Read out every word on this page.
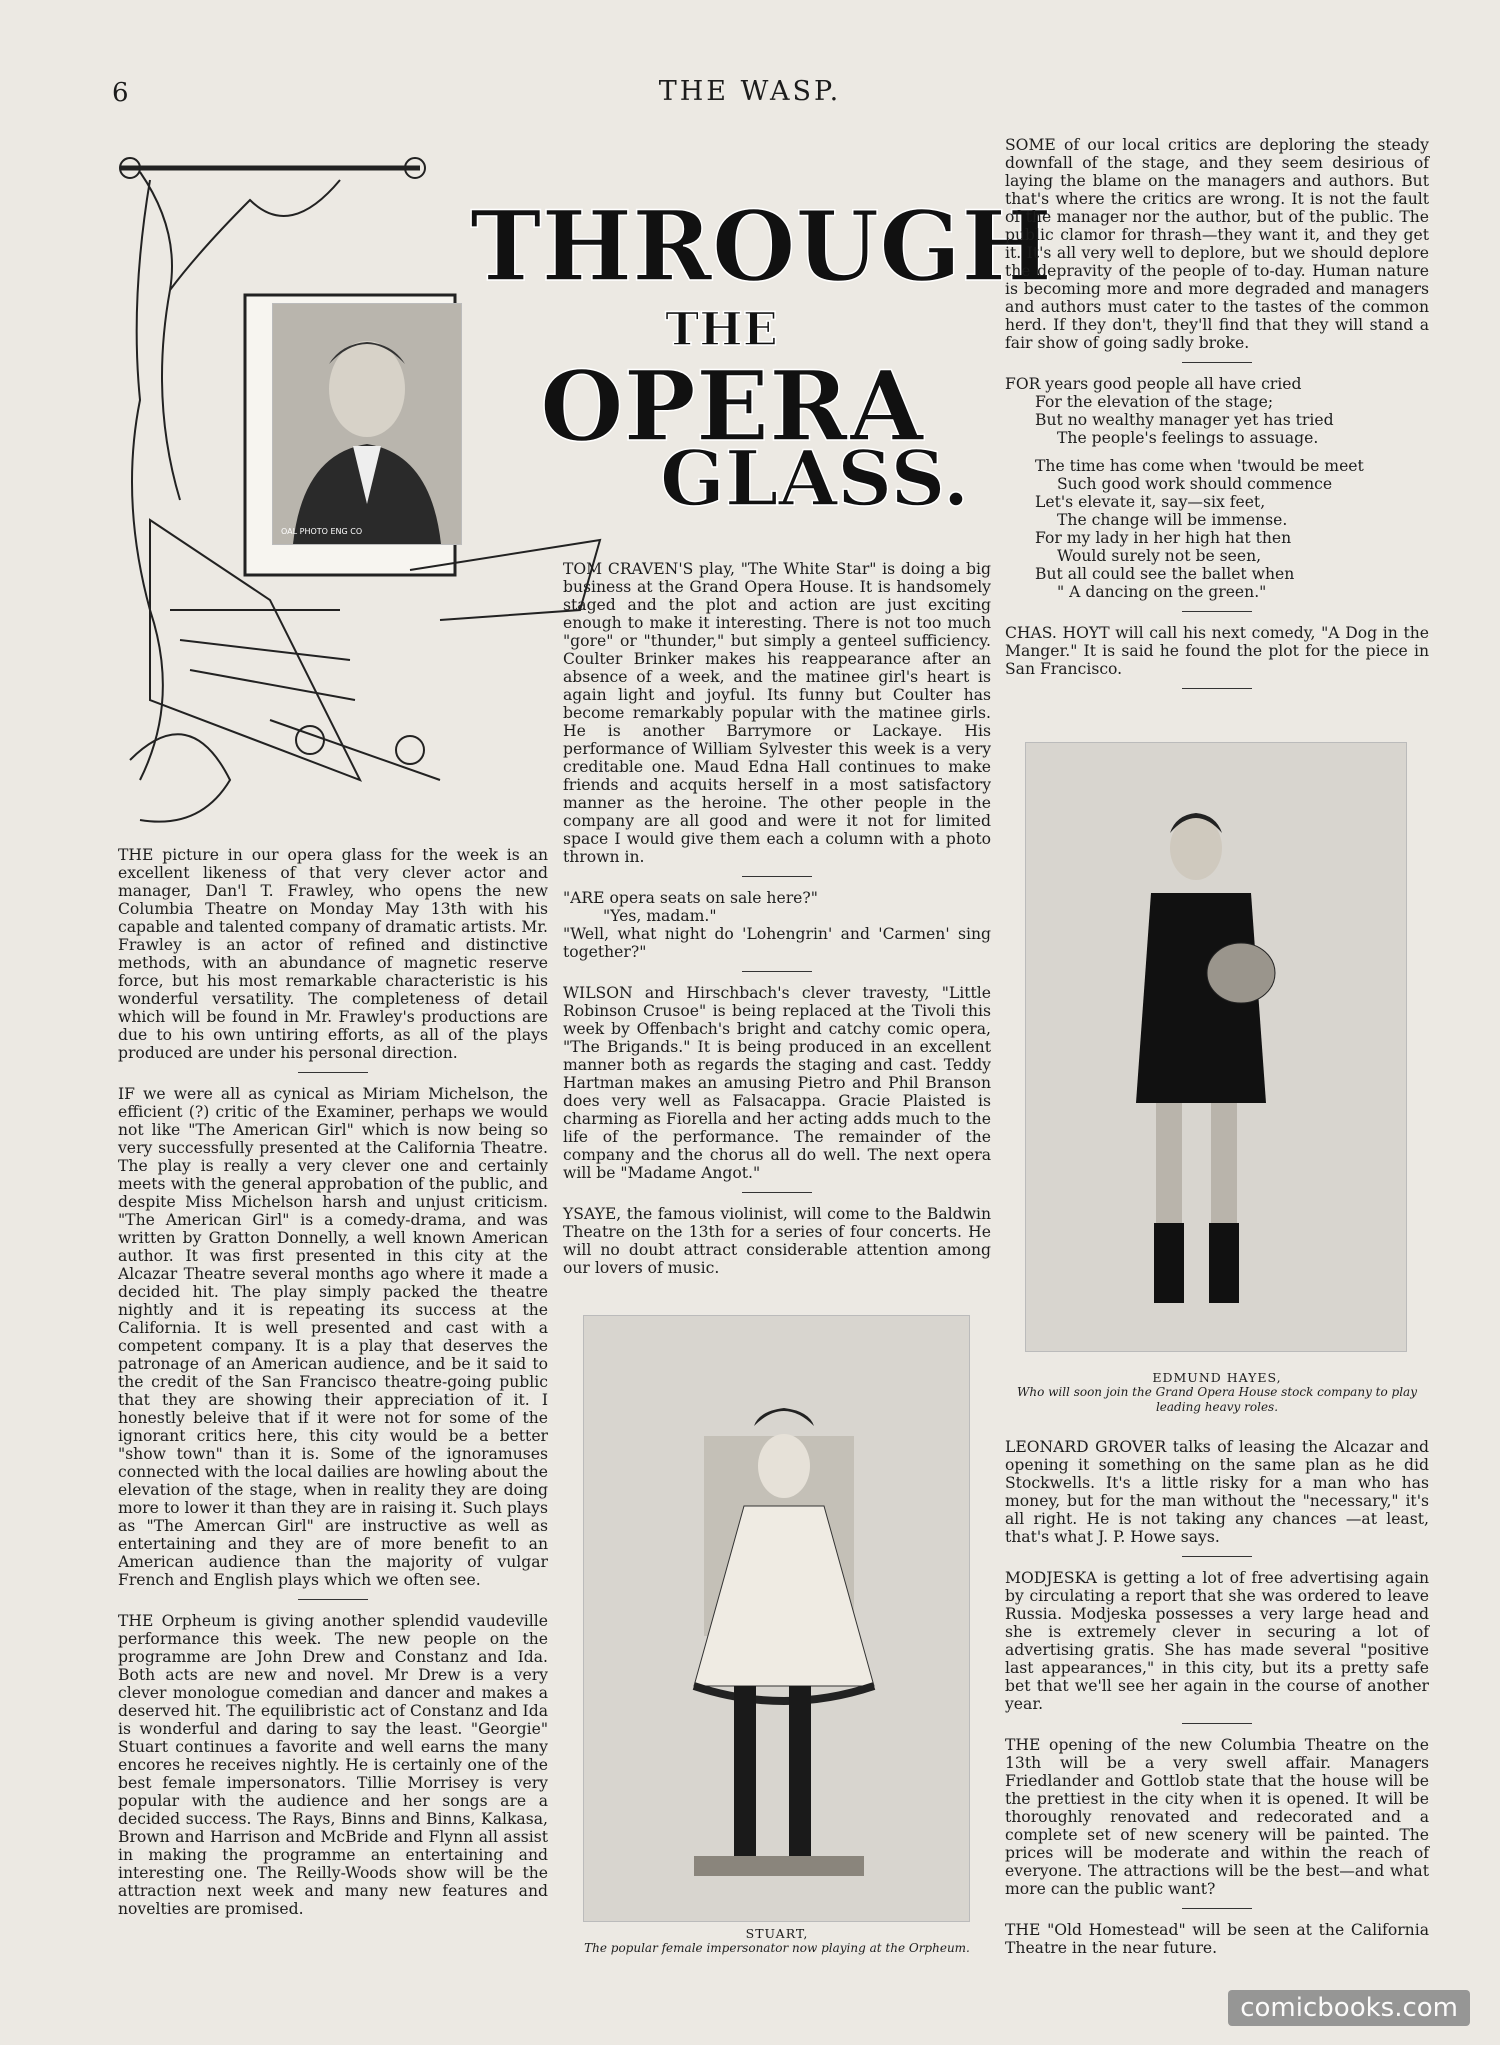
6	THE WASP.
THROUGH
THE
OPERA
GLASS.
OAL PHOTO ENG CO

THE picture in our opera glass for the week is an excellent likeness of that very clever actor and manager, Dan'l T. Frawley, who opens the new Columbia Theatre on Monday May 13th with his capable and talented company of dramatic artists. Mr. Frawley is an actor of refined and distinctive methods, with an abundance of magnetic reserve force, but his most remarkable characteristic is his wonderful versatility. The completeness of detail which will be found in Mr. Frawley's productions are due to his own untiring efforts, as all of the plays produced are under his personal direction.

IF we were all as cynical as Miriam Michelson, the efficient (?) critic of the Examiner, perhaps we would not like "The American Girl" which is now being so very successfully presented at the California Theatre. The play is really a very clever one and certainly meets with the general approbation of the public, and despite Miss Michelson harsh and unjust criticism. "The American Girl" is a comedy-drama, and was written by Gratton Donnelly, a well known American author. It was first presented in this city at the Alcazar Theatre several months ago where it made a decided hit. The play simply packed the theatre nightly and it is repeating its success at the California. It is well presented and cast with a competent company. It is a play that deserves the patronage of an American audience, and be it said to the credit of the San Francisco theatre-going public that they are showing their appreciation of it. I honestly beleive that if it were not for some of the ignorant critics here, this city would be a better "show town" than it is. Some of the ignoramuses connected with the local dailies are howling about the elevation of the stage, when in reality they are doing more to lower it than they are in raising it. Such plays as "The Amercan Girl" are instructive as well as entertaining and they are of more benefit to an American audience than the majority of vulgar French and English plays which we often see.

THE Orpheum is giving another splendid vaudeville performance this week. The new people on the programme are John Drew and Constanz and Ida. Both acts are new and novel. Mr Drew is a very clever monologue comedian and dancer and makes a deserved hit. The equilibristic act of Constanz and Ida is wonderful and daring to say the least. "Georgie" Stuart continues a favorite and well earns the many encores he receives nightly. He is certainly one of the best female impersonators. Tillie Morrisey is very popular with the audience and her songs are a decided success. The Rays, Binns and Binns, Kalkasa, Brown and Harrison and McBride and Flynn all assist in making the programme an entertaining and interesting one. The Reilly-Woods show will be the attraction next week and many new features and novelties are promised.

TOM CRAVEN'S play, "The White Star" is doing a big business at the Grand Opera House. It is handsomely staged and the plot and action are just exciting enough to make it interesting. There is not too much "gore" or "thunder," but simply a genteel sufficiency. Coulter Brinker makes his reappearance after an absence of a week, and the matinee girl's heart is again light and joyful. Its funny but Coulter has become remarkably popular with the matinee girls. He is another Barrymore or Lackaye. His performance of William Sylvester this week is a very creditable one. Maud Edna Hall continues to make friends and acquits herself in a most satisfactory manner as the heroine. The other people in the company are all good and were it not for limited space I would give them each a column with a photo thrown in.

"ARE opera seats on sale here?"

"Yes, madam."

"Well, what night do 'Lohengrin' and 'Carmen' sing together?"

WILSON and Hirschbach's clever travesty, "Little Robinson Crusoe" is being replaced at the Tivoli this week by Offenbach's bright and catchy comic opera, "The Brigands." It is being produced in an excellent manner both as regards the staging and cast. Teddy Hartman makes an amusing Pietro and Phil Branson does very well as Falsacappa. Gracie Plaisted is charming as Fiorella and her acting adds much to the life of the performance. The remainder of the company and the chorus all do well. The next opera will be "Madame Angot."

YSAYE, the famous violinist, will come to the Baldwin Theatre on the 13th for a series of four concerts. He will no doubt attract considerable attention among our lovers of music.

STUART,
The popular female impersonator now playing at the Orpheum.

SOME of our local critics are deploring the steady downfall of the stage, and they seem desirious of laying the blame on the managers and authors. But that's where the critics are wrong. It is not the fault of the manager nor the author, but of the public. The public clamor for thrash—they want it, and they get it. It's all very well to deplore, but we should deplore the depravity of the people of to-day. Human nature is becoming more and more degraded and managers and authors must cater to the tastes of the common herd. If they don't, they'll find that they will stand a fair show of going sadly broke.

FOR years good people all have cried
For the elevation of the stage;
But no wealthy manager yet has tried
The people's feelings to assuage.
The time has come when 'twould be meet
Such good work should commence
Let's elevate it, say—six feet,
The change will be immense.
For my lady in her high hat then
Would surely not be seen,
But all could see the ballet when
" A dancing on the green."

CHAS. HOYT will call his next comedy, "A Dog in the Manger." It is said he found the plot for the piece in San Francisco.

EDMUND HAYES,
Who will soon join the Grand Opera House stock company to play leading heavy roles.

LEONARD GROVER talks of leasing the Alcazar and opening it something on the same plan as he did Stockwells. It's a little risky for a man who has money, but for the man without the "necessary," it's all right. He is not taking any chances —at least, that's what J. P. Howe says.

MODJESKA is getting a lot of free advertising again by circulating a report that she was ordered to leave Russia. Modjeska possesses a very large head and she is extremely clever in securing a lot of advertising gratis. She has made several "positive last appearances," in this city, but its a pretty safe bet that we'll see her again in the course of another year.

THE opening of the new Columbia Theatre on the 13th will be a very swell affair. Managers Friedlander and Gottlob state that the house will be the prettiest in the city when it is opened. It will be thoroughly renovated and redecorated and a complete set of new scenery will be painted. The prices will be moderate and within the reach of everyone. The attractions will be the best—and what more can the public want?

THE "Old Homestead" will be seen at the California Theatre in the near future.

comicbooks.com
